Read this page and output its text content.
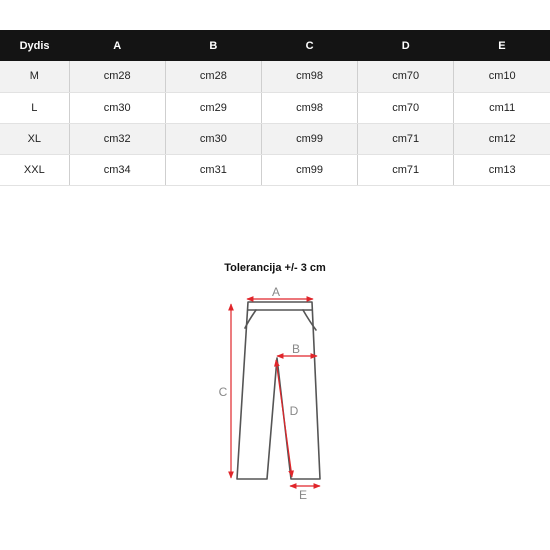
Dydis	A	B	C	D	E
M	cm28	cm28	cm98	cm70	cm10
L	cm30	cm29	cm98	cm70	cm11
XL	cm32	cm30	cm99	cm71	cm12
XXL	cm34	cm31	cm99	cm71	cm13
Tolerancija +/- 3 cm
A
B
C
D
E
